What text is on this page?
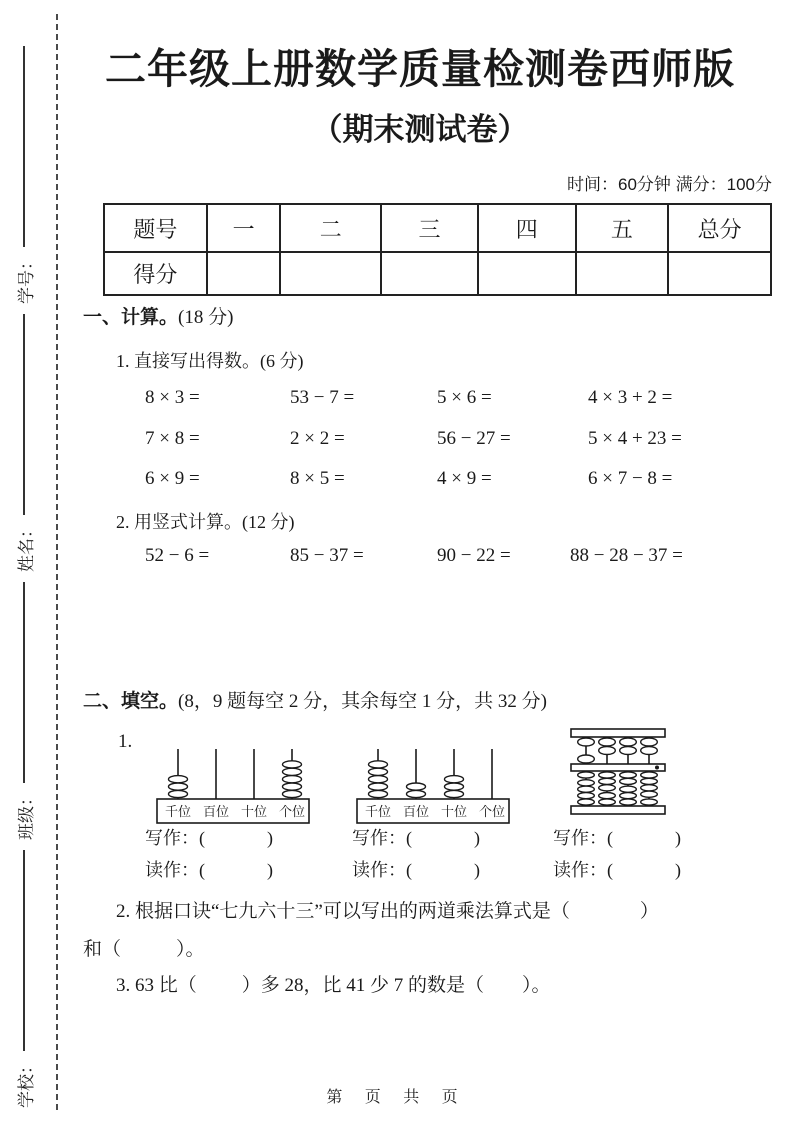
学校：
班级：
姓名：
学号：
二年级上册数学质量检测卷西师版
（期末测试卷）
时间：60分钟 满分：100分
题号	一	二	三	四	五	总分
得分						
一、计算。(18 分)
1. 直接写出得数。(6 分)
8 × 3 =	53 − 7 =	5 × 6 =	4 × 3 + 2 =
7 × 8 =	2 × 2 =	56 − 27 =	5 × 4 + 23 =
6 × 9 =	8 × 5 =	4 × 9 =	6 × 7 − 8 =
2. 用竖式计算。(12 分)
52 − 6 =	85 − 37 =	90 − 22 =	88 − 28 − 37 =
二、填空。(8，9 题每空 2 分，其余每空 1 分，共 32 分)
1.
千位 百位 十位 个位	千位 百位 十位 个位
写作：(	)	写作：(	)	写作：(	)
读作：(	)	读作：(	)	读作：(	)
2. 根据口诀“七九六十三”可以写出的两道乘法算式是（	）
和（	）。
3. 63 比（ ）多 28，比 41 少 7 的数是（ ）。
第 页 共 页
